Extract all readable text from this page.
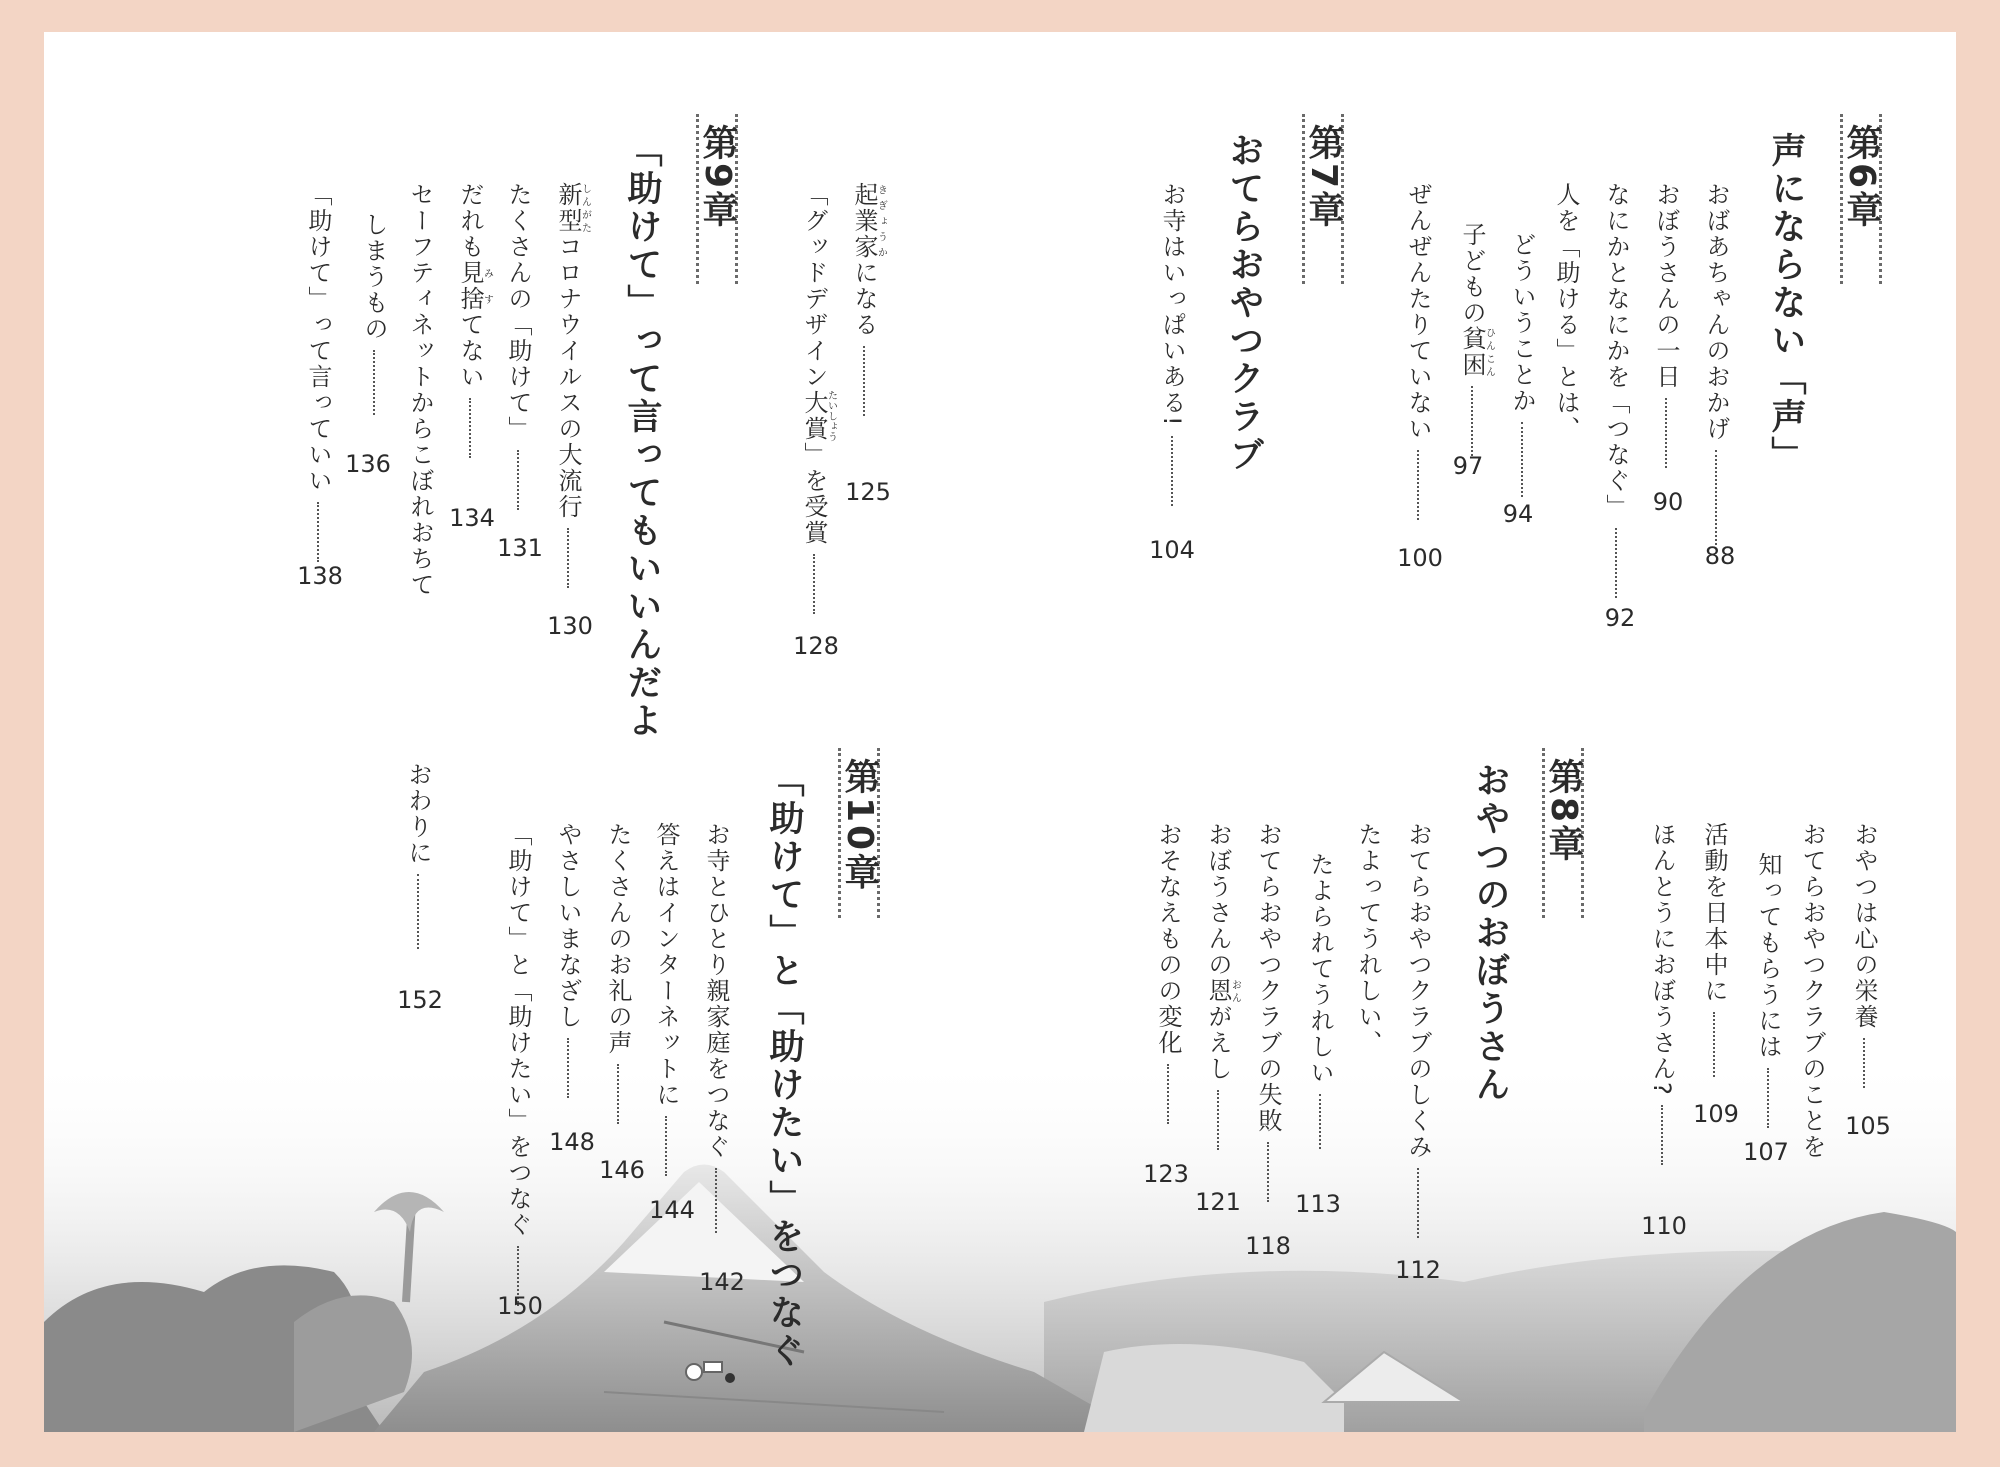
第6章
声にならない「声」
おばあちゃんのおかげ
88
おぼうさんの一日
90
なにかとなにかを「つなぐ」
92
人を「助ける」とは、
どういうことか
94
子どもの貧困ひんこん
97
ぜんぜんたりていない
100
第7章
おてらおやつクラブ
お寺はいっぱいある!
104
おやつは心の栄養
105
おてらおやつクラブのことを
知ってもらうには
107
活動を日本中に
109
ほんとうにおぼうさん?
110
第8章
おやつのおぼうさん
おてらおやつクラブのしくみ
112
たよってうれしい、
たよられてうれしい
113
おてらおやつクラブの失敗
118
おぼうさんの恩おんがえし
121
おそなえものの変化
123
起業家きぎょうかになる
125
「グッドデザイン大賞たいしょう」を受賞
128
第9章
「助けて」って言ってもいいんだよ
新型しんがたコロナウイルスの大流行
130
たくさんの「助けて」
131
だれも見捨みすてない
134
セーフティネットからこぼれおちて
しまうもの
136
「助けて」って言っていい
138
第10章
「助けて」と「助けたい」をつなぐ
お寺とひとり親家庭をつなぐ
142
答えはインターネットに
144
たくさんのお礼の声
146
やさしいまなざし
148
「助けて」と「助けたい」をつなぐ
150
おわりに
152
